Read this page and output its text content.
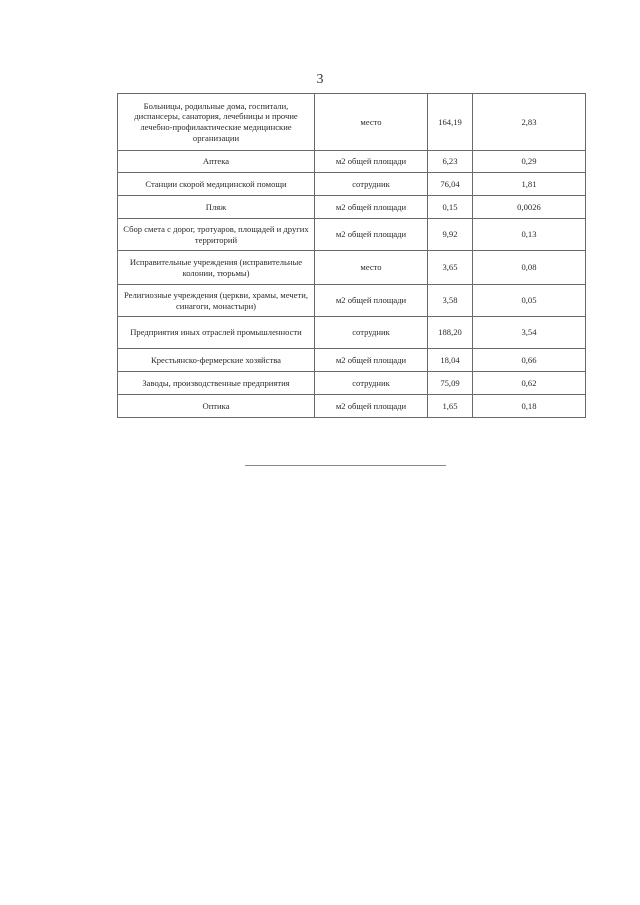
3
Больницы, родильные дома, госпитали, диспансеры, санатория, лечебницы и прочие лечебно-профилактические медицинские организации	место	164,19	2,83
Аптека	м2 общей площади	6,23	0,29
Станции скорой медицинской помощи	сотрудник	76,04	1,81
Пляж	м2 общей площади	0,15	0,0026
Сбор смета с дорог, тротуаров, площадей и других территорий	м2 общей площади	9,92	0,13
Исправительные учреждения (исправительные колонии, тюрьмы)	место	3,65	0,08
Религиозные учреждения (церкви, храмы, мечети, синагоги, монастыри)	м2 общей площади	3,58	0,05
Предприятия иных отраслей промышленности	сотрудник	188,20	3,54
Крестьянско-фермерские хозяйства	м2 общей площади	18,04	0,66
Заводы, производственные предприятия	сотрудник	75,09	0,62
Оптика	м2 общей площади	1,65	0,18
